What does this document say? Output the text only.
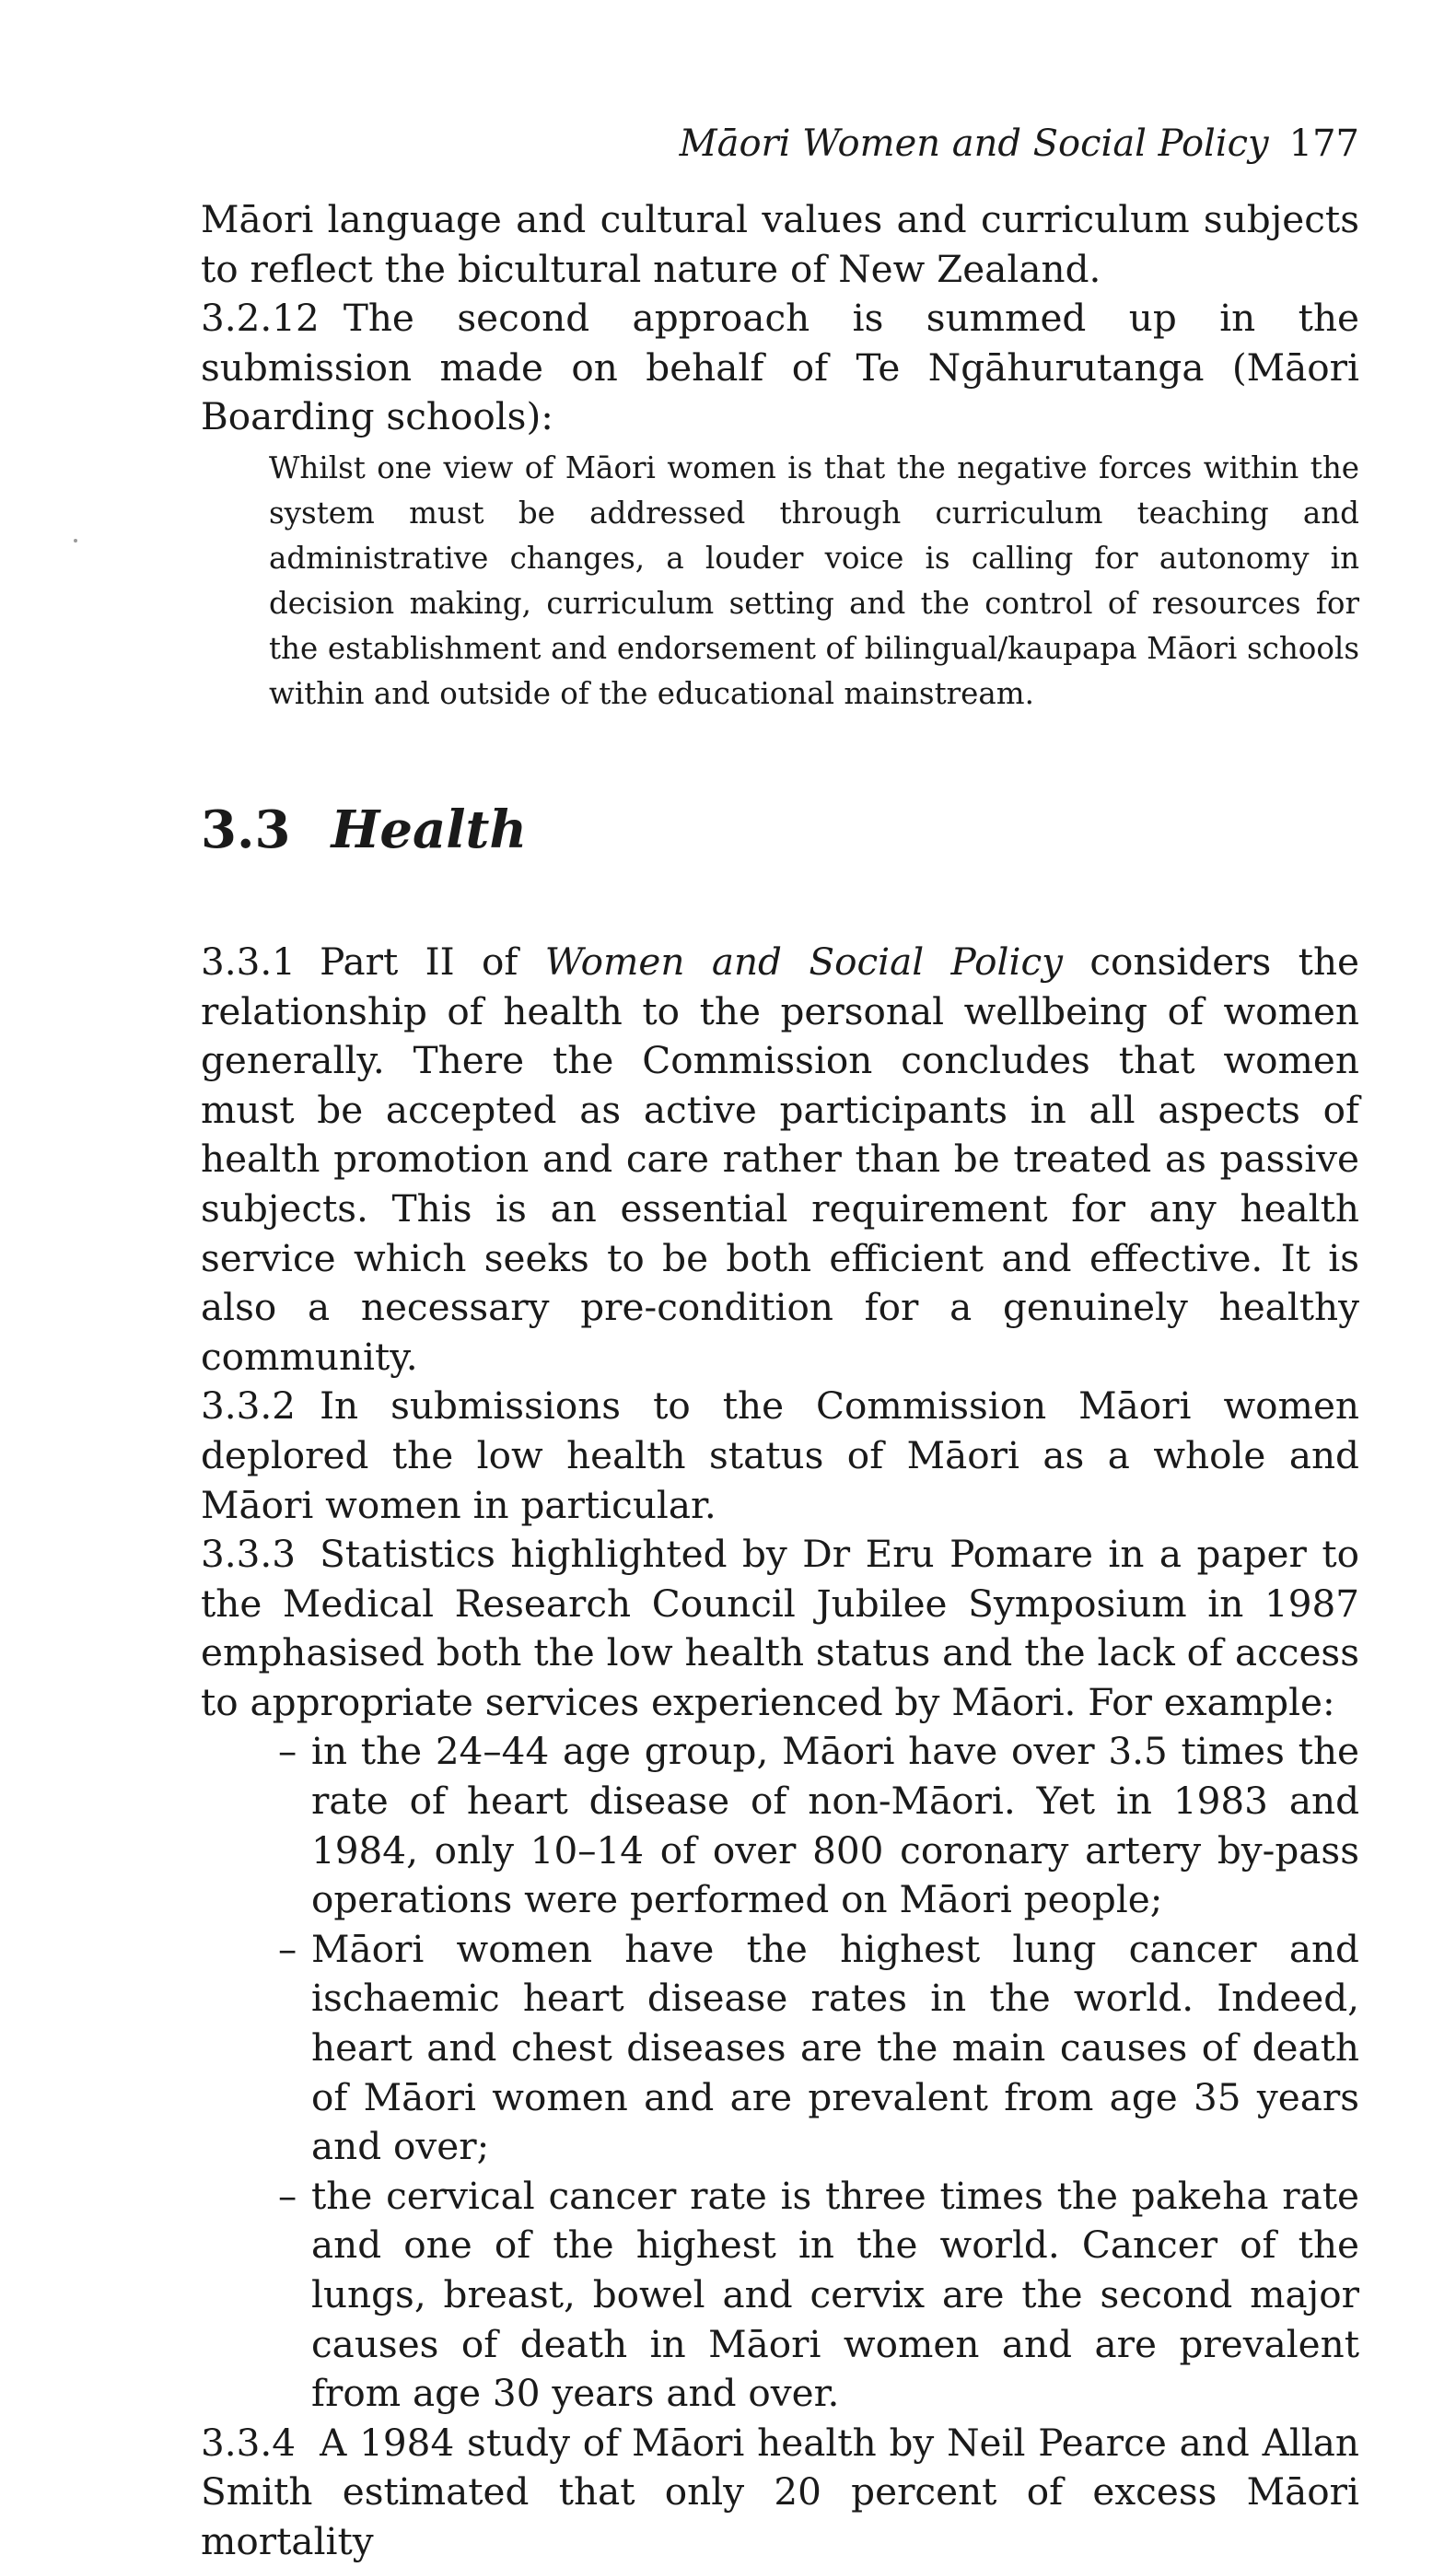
Māori Women and Social Policy 177

Māori language and cultural values and curriculum subjects to reflect the bicultural nature of New Zealand.

3.2.12 The second approach is summed up in the submission made on behalf of Te Ngāhurutanga (Māori Boarding schools):

Whilst one view of Māori women is that the negative forces within the system must be addressed through curriculum teaching and administrative changes, a louder voice is calling for autonomy in decision making, curriculum setting and the control of resources for the establishment and endorsement of bilingual/kaupapa Māori schools within and outside of the educational mainstream.

3.3 Health

3.3.1 Part II of Women and Social Policy considers the relationship of health to the personal wellbeing of women generally. There the Commission concludes that women must be accepted as active participants in all aspects of health promotion and care rather than be treated as passive subjects. This is an essential requirement for any health service which seeks to be both efficient and effective. It is also a necessary pre-condition for a genuinely healthy community.

3.3.2 In submissions to the Commission Māori women deplored the low health status of Māori as a whole and Māori women in particular.

3.3.3 Statistics highlighted by Dr Eru Pomare in a paper to the Medical Research Council Jubilee Symposium in 1987 emphasised both the low health status and the lack of access to appropriate services experienced by Māori. For example:

– in the 24–44 age group, Māori have over 3.5 times the rate of heart disease of non-Māori. Yet in 1983 and 1984, only 10–14 of over 800 coronary artery by-pass operations were performed on Māori people;
– Māori women have the highest lung cancer and ischaemic heart disease rates in the world. Indeed, heart and chest diseases are the main causes of death of Māori women and are prevalent from age 35 years and over;
– the cervical cancer rate is three times the pakeha rate and one of the highest in the world. Cancer of the lungs, breast, bowel and cervix are the second major causes of death in Māori women and are prevalent from age 30 years and over.

3.3.4 A 1984 study of Māori health by Neil Pearce and Allan Smith estimated that only 20 percent of excess Māori mortality
